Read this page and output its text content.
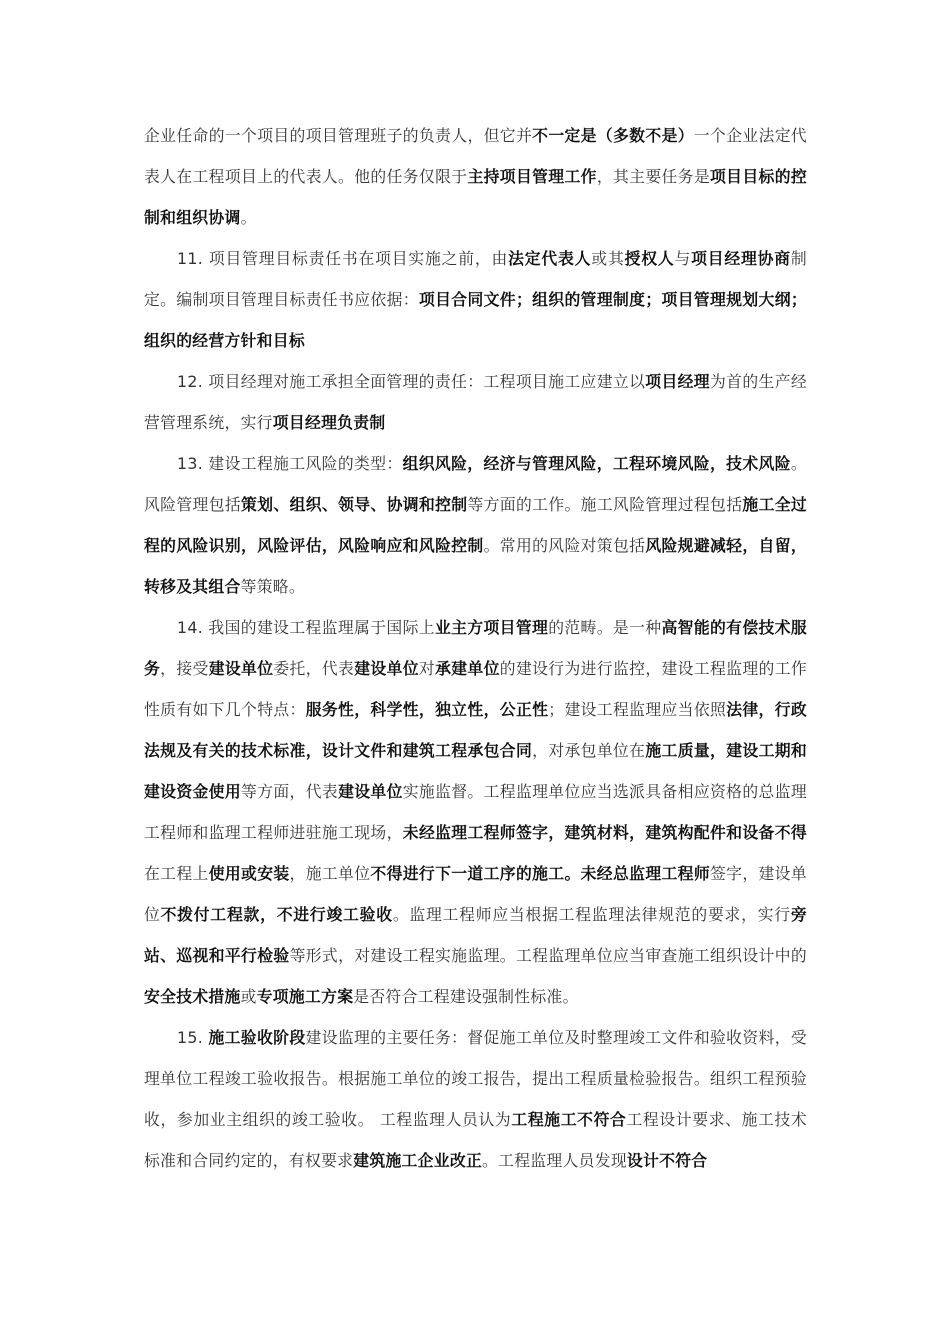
企业任命的一个项目的项目管理班子的负责人，但它并不一定是（多数不是）一个企业法定代表人在工程项目上的代表人。他的任务仅限于主持项目管理工作，其主要任务是项目目标的控制和组织协调。

11. 项目管理目标责任书在项目实施之前，由法定代表人或其授权人与项目经理协商制定。编制项目管理目标责任书应依据：项目合同文件；组织的管理制度；项目管理规划大纲；组织的经营方针和目标

12. 项目经理对施工承担全面管理的责任：工程项目施工应建立以项目经理为首的生产经营管理系统，实行项目经理负责制

13. 建设工程施工风险的类型：组织风险，经济与管理风险，工程环境风险，技术风险。风险管理包括策划、组织、领导、协调和控制等方面的工作。施工风险管理过程包括施工全过程的风险识别，风险评估，风险响应和风险控制。常用的风险对策包括风险规避减轻，自留，转移及其组合等策略。

14. 我国的建设工程监理属于国际上业主方项目管理的范畴。是一种高智能的有偿技术服务，接受建设单位委托，代表建设单位对承建单位的建设行为进行监控，建设工程监理的工作性质有如下几个特点：服务性，科学性，独立性，公正性；建设工程监理应当依照法律，行政法规及有关的技术标准，设计文件和建筑工程承包合同，对承包单位在施工质量，建设工期和建设资金使用等方面，代表建设单位实施监督。工程监理单位应当选派具备相应资格的总监理工程师和监理工程师进驻施工现场，未经监理工程师签字，建筑材料，建筑构配件和设备不得在工程上使用或安装，施工单位不得进行下一道工序的施工。未经总监理工程师签字，建设单位不拨付工程款，不进行竣工验收。监理工程师应当根据工程监理法律规范的要求，实行旁站、巡视和平行检验等形式，对建设工程实施监理。工程监理单位应当审查施工组织设计中的安全技术措施或专项施工方案是否符合工程建设强制性标准。

15. 施工验收阶段建设监理的主要任务：督促施工单位及时整理竣工文件和验收资料，受理单位工程竣工验收报告。根据施工单位的竣工报告，提出工程质量检验报告。组织工程预验收，参加业主组织的竣工验收。 工程监理人员认为工程施工不符合工程设计要求、施工技术标准和合同约定的，有权要求建筑施工企业改正。工程监理人员发现设计不符合
